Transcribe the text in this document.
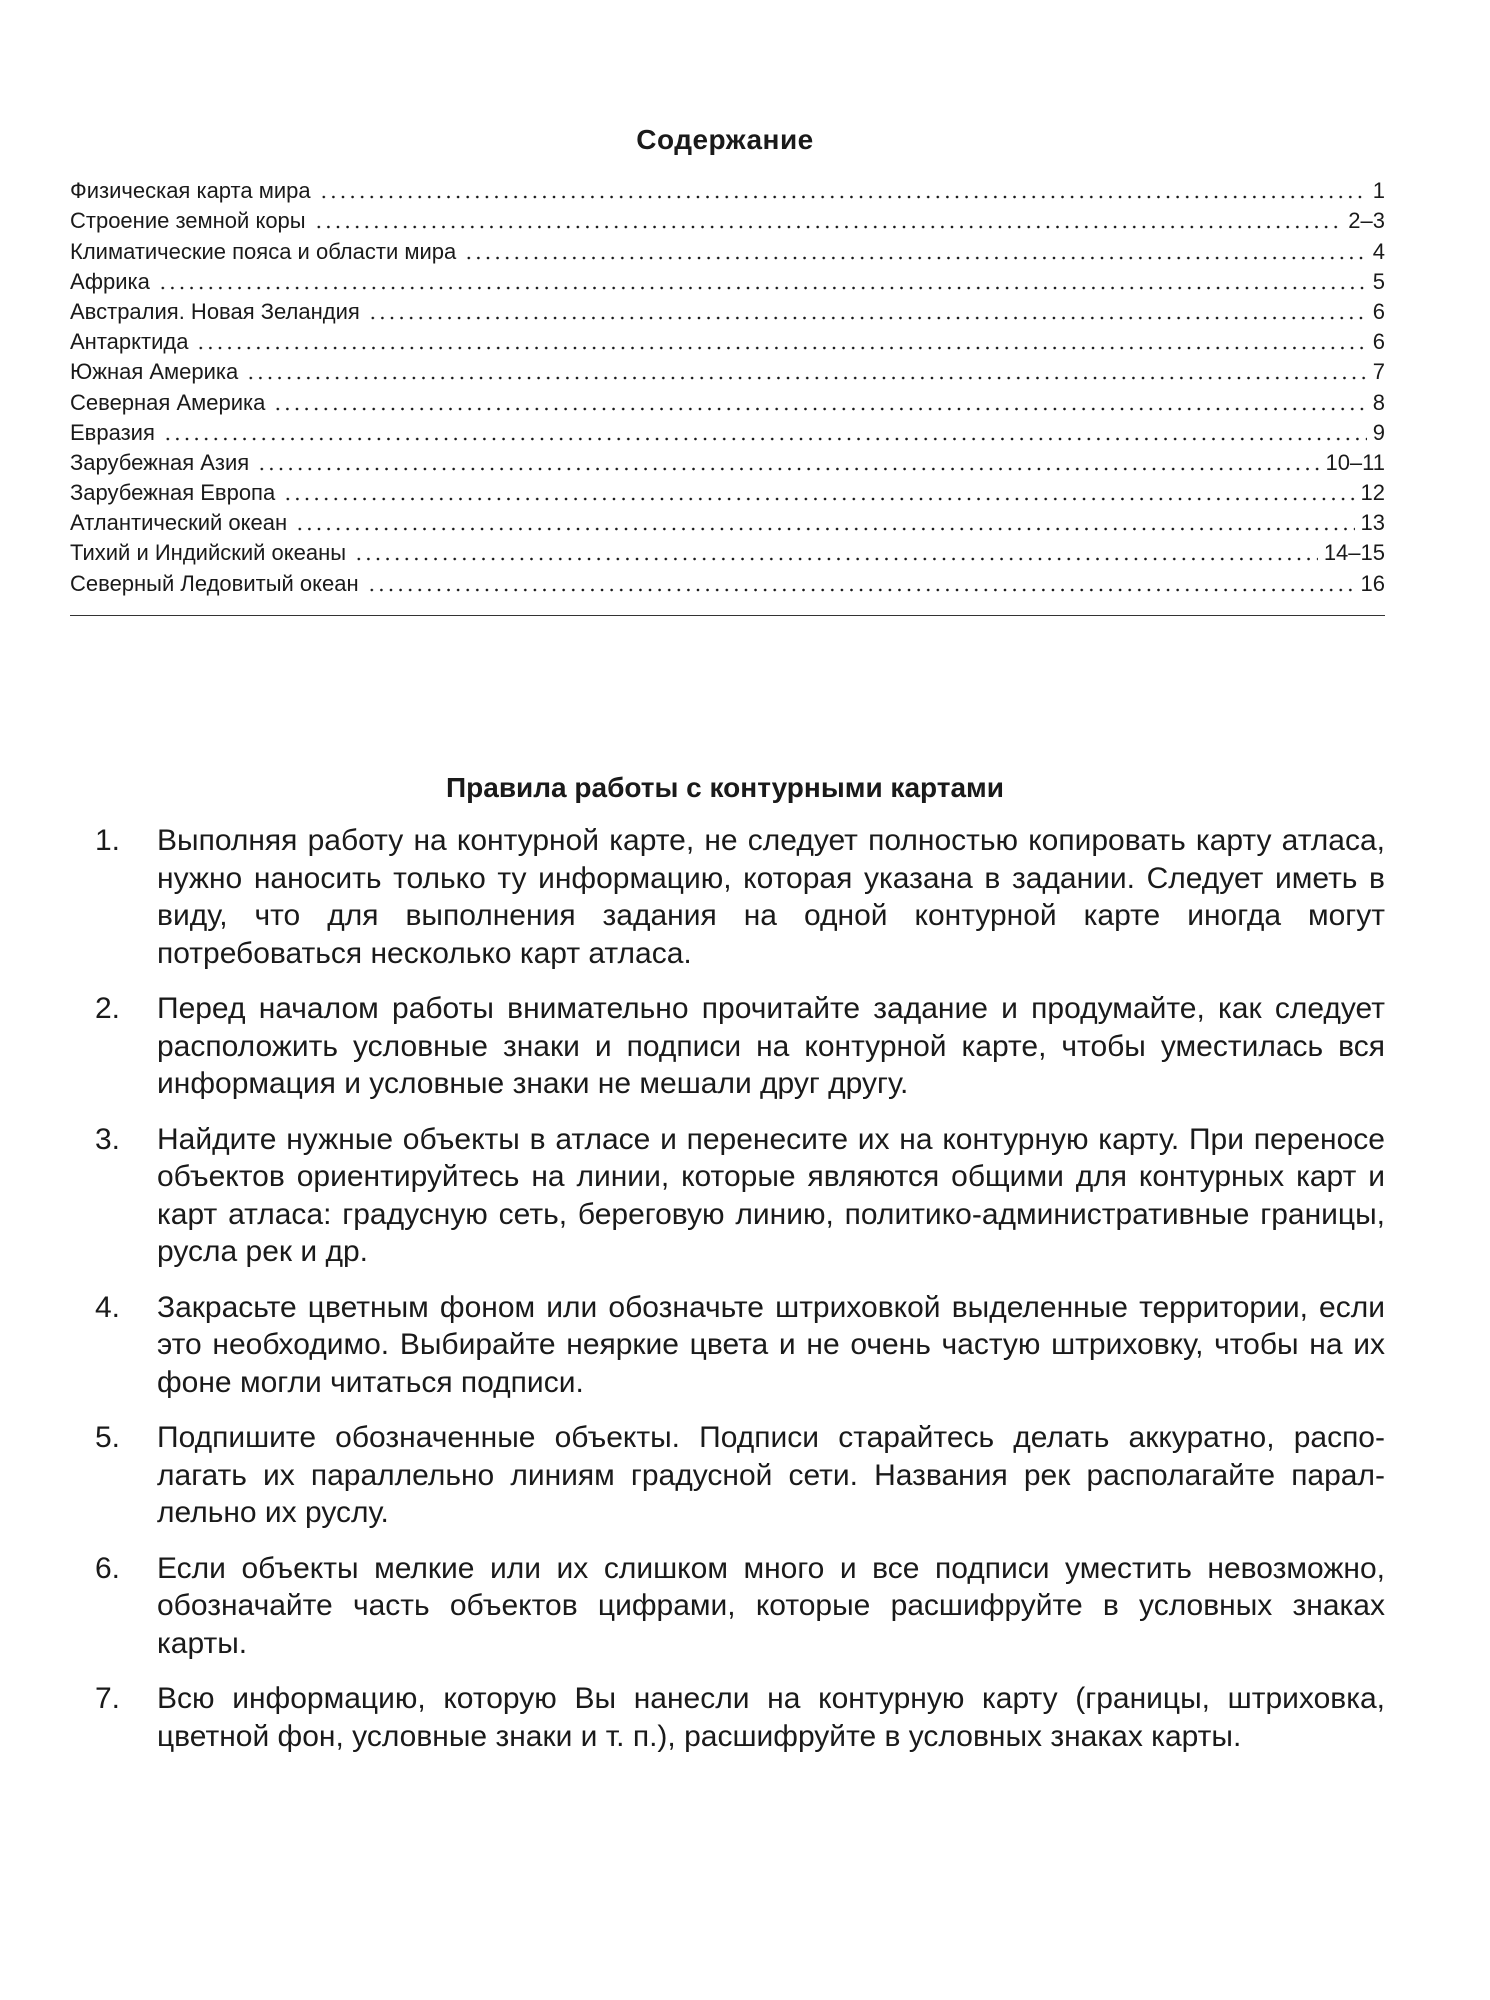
Содержание
Физическая карта мира	1
Строение земной коры	2–3
Климатические пояса и области мира	4
Африка	5
Австралия. Новая Зеландия	6
Антарктида	6
Южная Америка	7
Северная Америка	8
Евразия	9
Зарубежная Азия	10–11
Зарубежная Европа	12
Атлантический океан	13
Тихий и Индийский океаны	14–15
Северный Ледовитый океан	16
Правила работы с контурными картами
1.	Выполняя работу на контурной карте, не следует полностью копировать карту атласа, нужно наносить только ту информацию, которая указана в задании. Следует иметь в виду, что для выполнения задания на одной контурной карте иногда могут потребоваться несколько карт атласа.
2.	Перед началом работы внимательно прочитайте задание и продумайте, как следует расположить условные знаки и подписи на контурной карте, чтобы уместилась вся информация и условные знаки не мешали друг другу.
3.	Найдите нужные объекты в атласе и перенесите их на контурную карту. При переносе объектов ориентируйтесь на линии, которые являются общими для контурных карт и карт атласа: градусную сеть, береговую линию, политико-административные границы, русла рек и др.
4.	Закрасьте цветным фоном или обозначьте штриховкой выделенные территории, если это необходимо. Выбирайте неяркие цвета и не очень частую штриховку, чтобы на их фоне могли читаться подписи.
5.	Подпишите обозначенные объекты. Подписи старайтесь делать аккуратно, располагать их параллельно линиям градусной сети. Названия рек располагайте параллельно их руслу.
6.	Если объекты мелкие или их слишком много и все подписи уместить невозможно, обозначайте часть объектов цифрами, которые расшифруйте в условных знаках карты.
7.	Всю информацию, которую Вы нанесли на контурную карту (границы, штриховка, цветной фон, условные знаки и т. п.), расшифруйте в условных знаках карты.
